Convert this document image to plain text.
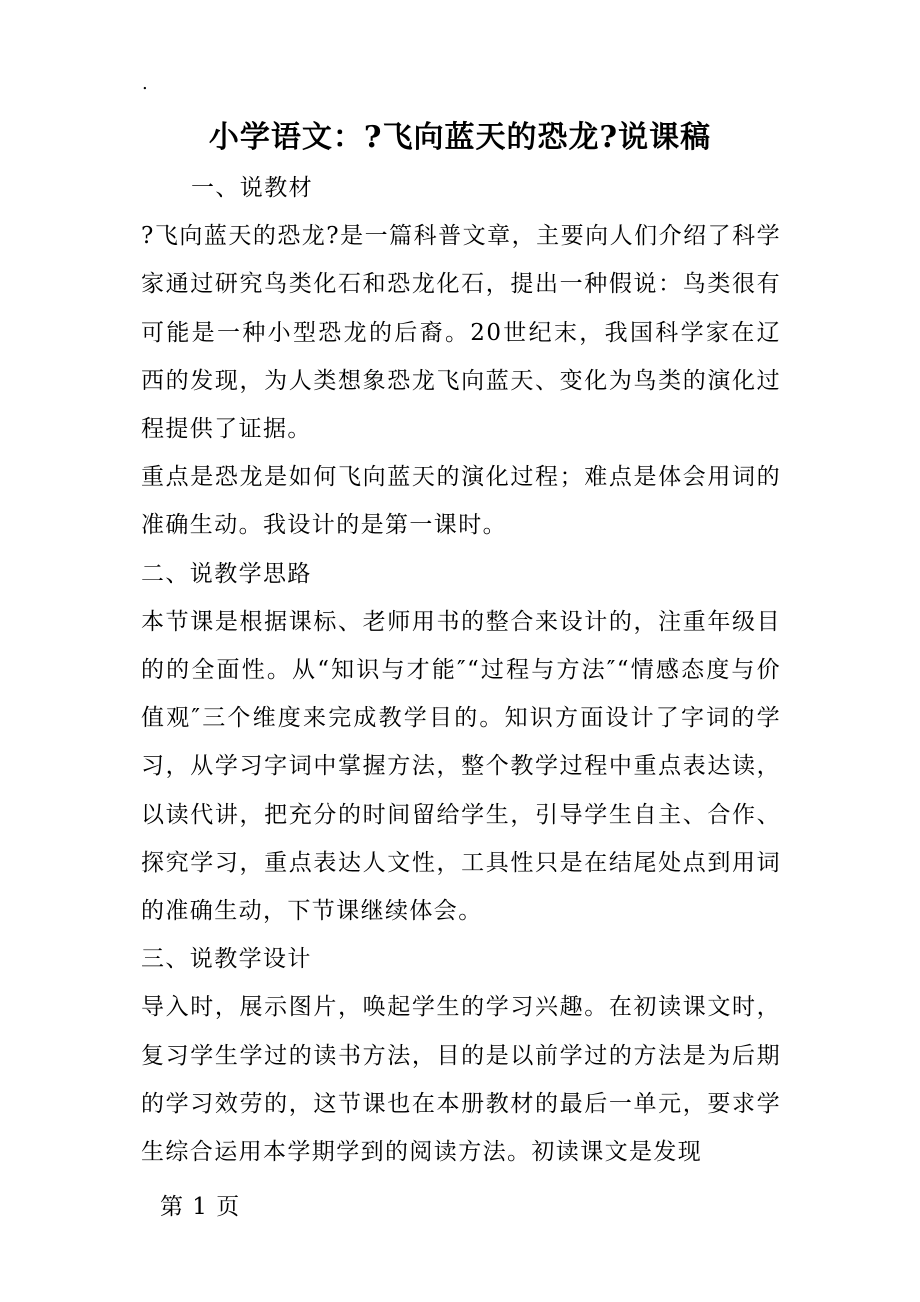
.
小学语文：?飞向蓝天的恐龙?说课稿

一、说教材

?飞向蓝天的恐龙?是一篇科普文章，主要向人们介绍了科学家通过研究鸟类化石和恐龙化石，提出一种假说：鸟类很有可能是一种小型恐龙的后裔。20世纪末，我国科学家在辽西的发现，为人类想象恐龙飞向蓝天、变化为鸟类的演化过程提供了证据。

重点是恐龙是如何飞向蓝天的演化过程；难点是体会用词的准确生动。我设计的是第一课时。

二、说教学思路

本节课是根据课标、老师用书的整合来设计的，注重年级目的的全面性。从“知识与才能″“过程与方法″“情感态度与价值观″三个维度来完成教学目的。知识方面设计了字词的学习，从学习字词中掌握方法，整个教学过程中重点表达读，以读代讲，把充分的时间留给学生，引导学生自主、合作、探究学习，重点表达人文性，工具性只是在结尾处点到用词的准确生动，下节课继续体会。

三、说教学设计

导入时，展示图片，唤起学生的学习兴趣。在初读课文时，复习学生学过的读书方法，目的是以前学过的方法是为后期的学习效劳的，这节课也在本册教材的最后一单元，要求学生综合运用本学期学到的阅读方法。初读课文是发现

第 1 页
